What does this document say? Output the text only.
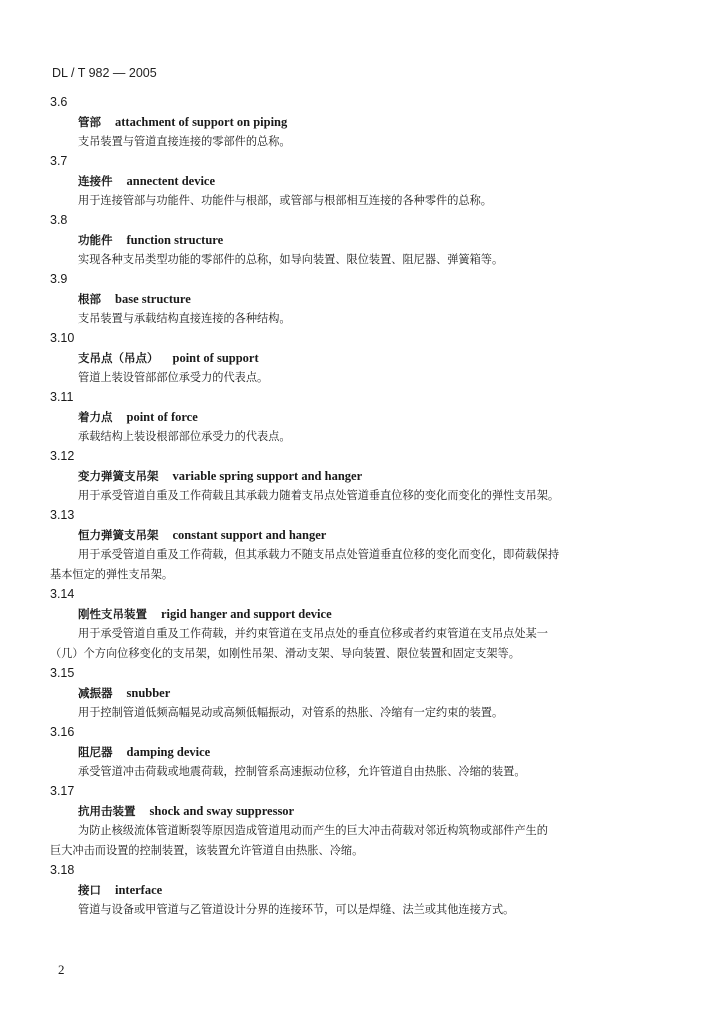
DL / T 982 — 2005
3.6
管部 attachment of support on piping
支吊装置与管道直接连接的零部件的总称。
3.7
连接件 annectent device
用于连接管部与功能件、功能件与根部，或管部与根部相互连接的各种零件的总称。
3.8
功能件 function structure
实现各种支吊类型功能的零部件的总称，如导向装置、限位装置、阻尼器、弹簧箱等。
3.9
根部 base structure
支吊装置与承载结构直接连接的各种结构。
3.10
支吊点（吊点） point of support
管道上装设管部部位承受力的代表点。
3.11
着力点 point of force
承载结构上装设根部部位承受力的代表点。
3.12
变力弹簧支吊架 variable spring support and hanger
用于承受管道自重及工作荷载且其承载力随着支吊点处管道垂直位移的变化而变化的弹性支吊架。
3.13
恒力弹簧支吊架 constant support and hanger
用于承受管道自重及工作荷载，但其承载力不随支吊点处管道垂直位移的变化而变化，即荷载保持
基本恒定的弹性支吊架。
3.14
刚性支吊装置 rigid hanger and support device
用于承受管道自重及工作荷载，并约束管道在支吊点处的垂直位移或者约束管道在支吊点处某一
（几）个方向位移变化的支吊架，如刚性吊架、滑动支架、导向装置、限位装置和固定支架等。
3.15
减振器 snubber
用于控制管道低频高幅晃动或高频低幅振动，对管系的热胀、冷缩有一定约束的装置。
3.16
阻尼器 damping device
承受管道冲击荷载或地震荷载，控制管系高速振动位移，允许管道自由热胀、冷缩的装置。
3.17
抗用击装置 shock and sway suppressor
为防止核级流体管道断裂等原因造成管道甩动而产生的巨大冲击荷载对邻近构筑物或部件产生的
巨大冲击而设置的控制装置，该装置允许管道自由热胀、冷缩。
3.18
接口 interface
管道与设备或甲管道与乙管道设计分界的连接环节，可以是焊缝、法兰或其他连接方式。
2
